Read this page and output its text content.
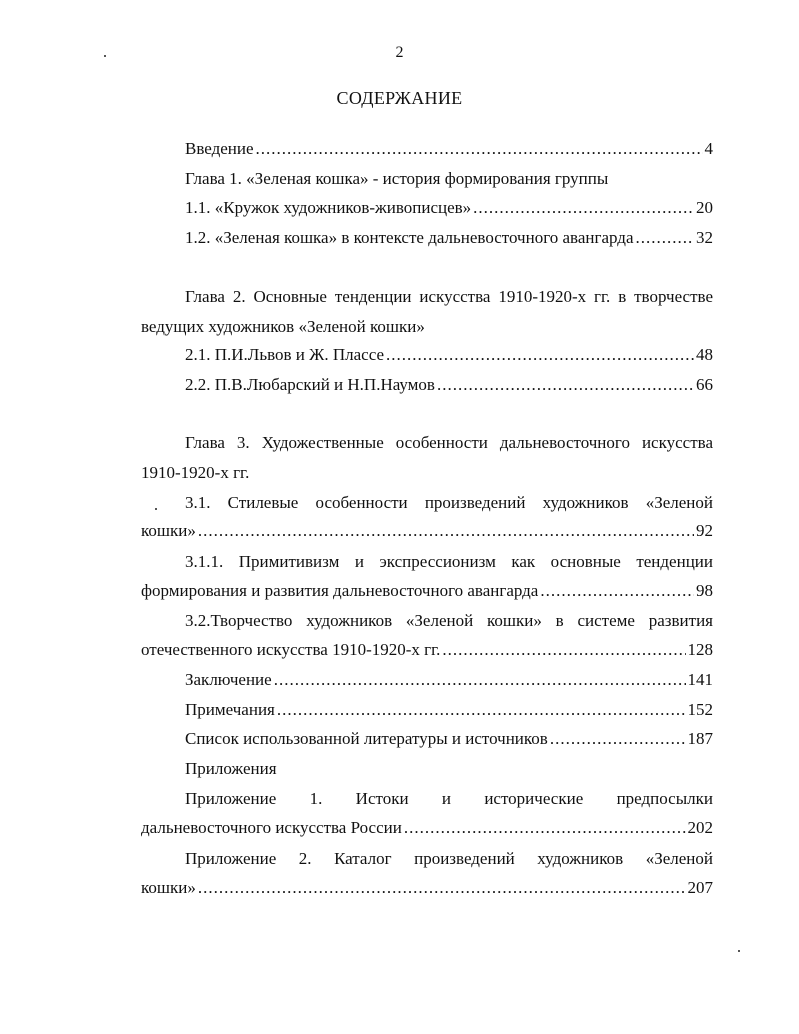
2
СОДЕРЖАНИЕ
Введение .....	4
Глава 1. «Зеленая кошка» - история формирования группы
1.1. «Кружок художников-живописцев» .....	20
1.2. «Зеленая кошка» в контексте дальневосточного авангарда .....	32
Глава 2. Основные тенденции искусства 1910-1920-х гг. в творчестве
ведущих художников «Зеленой кошки»
2.1. П.И.Львов и Ж. Плассе .....	48
2.2. П.В.Любарский и Н.П.Наумов .....	66
Глава 3. Художественные особенности дальневосточного искусства
1910-1920-х гг.
3.1. Стилевые особенности произведений художников «Зеленой
кошки» .....	92
3.1.1. Примитивизм и экспрессионизм как основные тенденции
формирования и развития дальневосточного авангарда .....	98
3.2.Творчество художников «Зеленой кошки» в системе развития
отечественного искусства 1910-1920-х гг. .....	128
Заключение .....	141
Примечания .....	152
Список использованной литературы и источников .....	187
Приложения
Приложение 1. Истоки и исторические предпосылки
дальневосточного искусства России .....	202
Приложение 2. Каталог произведений художников «Зеленой
кошки» .....	207
